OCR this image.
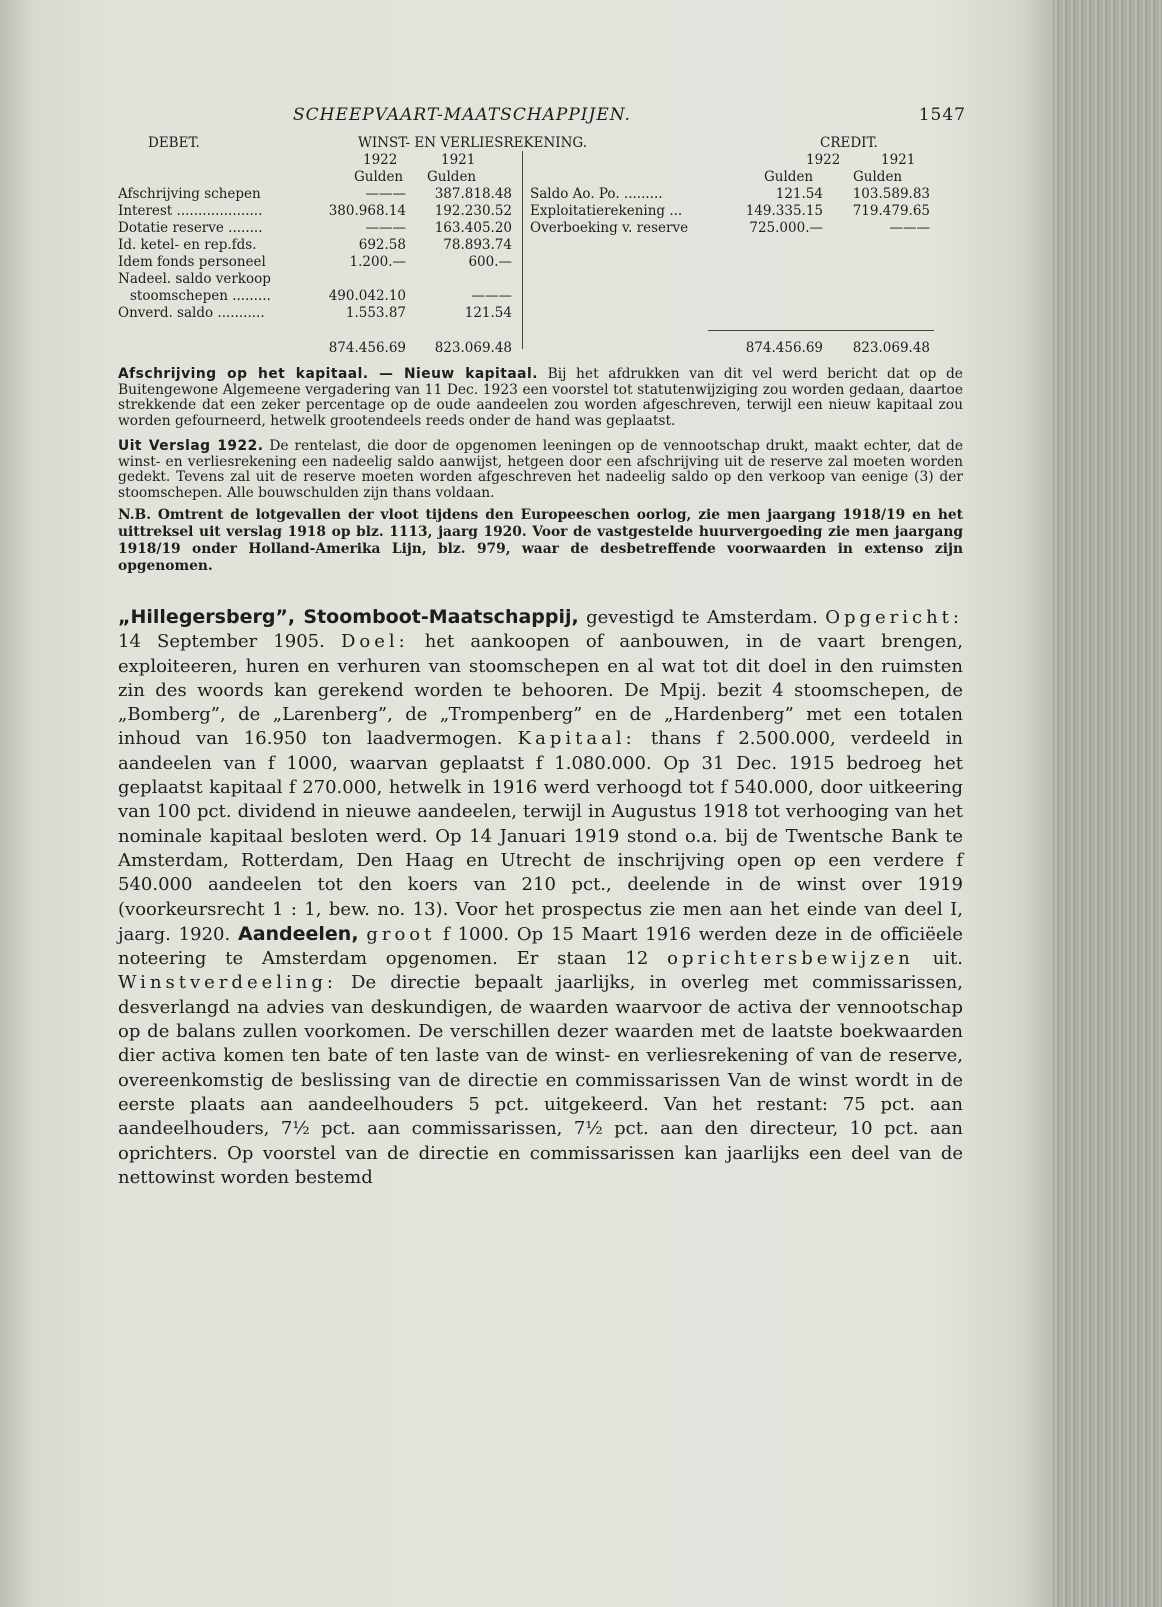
SCHEEPVAART-MAATSCHAPPIJEN.	1547
DEBET.	WINST- EN VERLIESREKENING.	CREDIT.
1922	1921	1922	1921
Gulden Gulden	Gulden	Gulden
Afschrijving schepen	———	387.818.48
Interest ....................	380.968.14	192.230.52
Dotatie reserve ........	———	163.405.20
Id. ketel- en rep.fds.	692.58	78.893.74
Idem fonds personeel	1.200.—	600.—
Nadeel. saldo verkoop
stoomschepen .........	490.042.10	———
Onverd. saldo ...........	1.553.87	121.54
Saldo Ao. Po. .........	121.54	103.589.83
Exploitatierekening ...	149.335.15	719.479.65
Overboeking v. reserve	725.000.—	———
874.456.69	823.069.48	874.456.69	823.069.48

Afschrijving op het kapitaal. — Nieuw kapitaal. Bij het afdrukken van dit vel werd bericht dat op de Buitengewone Algemeene vergadering van 11 Dec. 1923 een voorstel tot statutenwijziging zou worden gedaan, daartoe strekkende dat een zeker percentage op de oude aandeelen zou worden afgeschreven, terwijl een nieuw kapitaal zou worden gefourneerd, hetwelk grootendeels reeds onder de hand was geplaatst.

Uit Verslag 1922. De rentelast, die door de opgenomen leeningen op de vennootschap drukt, maakt echter, dat de winst- en verliesrekening een nadeelig saldo aanwijst, hetgeen door een afschrijving uit de reserve zal moeten worden gedekt. Tevens zal uit de reserve moeten worden afgeschreven het nadeelig saldo op den verkoop van eenige (3) der stoomschepen. Alle bouwschulden zijn thans voldaan.

N.B. Omtrent de lotgevallen der vloot tijdens den Europeeschen oorlog, zie men jaargang 1918/19 en het uittreksel uit verslag 1918 op blz. 1113, jaarg 1920. Voor de vastgestelde huurvergoeding zie men jaargang 1918/19 onder Holland-Amerika Lijn, blz. 979, waar de desbetreffende voorwaarden in extenso zijn opgenomen.

„Hillegersberg”, Stoomboot-Maatschappij, gevestigd te Amsterdam. Opgericht: 14 September 1905. Doel: het aankoopen of aanbouwen, in de vaart brengen, exploiteeren, huren en verhuren van stoomschepen en al wat tot dit doel in den ruimsten zin des woords kan gerekend worden te behooren. De Mpij. bezit 4 stoomschepen, de „Bomberg”, de „Larenberg”, de „Trompenberg” en de „Hardenberg” met een totalen inhoud van 16.950 ton laadvermogen. Kapitaal: thans f 2.500.000, verdeeld in aandeelen van f 1000, waarvan geplaatst f 1.080.000. Op 31 Dec. 1915 bedroeg het geplaatst kapitaal f 270.000, hetwelk in 1916 werd verhoogd tot f 540.000, door uitkeering van 100 pct. dividend in nieuwe aandeelen, terwijl in Augustus 1918 tot verhooging van het nominale kapitaal besloten werd. Op 14 Januari 1919 stond o.a. bij de Twentsche Bank te Amsterdam, Rotterdam, Den Haag en Utrecht de inschrijving open op een verdere f 540.000 aandeelen tot den koers van 210 pct., deelende in de winst over 1919 (voorkeursrecht 1 : 1, bew. no. 13). Voor het prospectus zie men aan het einde van deel I, jaarg. 1920. Aandeelen, groot f 1000. Op 15 Maart 1916 werden deze in de officiëele noteering te Amsterdam opgenomen. Er staan 12 oprichtersbewijzen uit. Winstverdeeling: De directie bepaalt jaarlijks, in overleg met commissarissen, desverlangd na advies van deskundigen, de waarden waarvoor de activa der vennootschap op de balans zullen voorkomen. De verschillen dezer waarden met de laatste boekwaarden dier activa komen ten bate of ten laste van de winst- en verliesrekening of van de reserve, overeenkomstig de beslissing van de directie en commissarissen Van de winst wordt in de eerste plaats aan aandeelhouders 5 pct. uitgekeerd. Van het restant: 75 pct. aan aandeelhouders, 7½ pct. aan commissarissen, 7½ pct. aan den directeur, 10 pct. aan oprichters. Op voorstel van de directie en commissarissen kan jaarlijks een deel van de nettowinst worden bestemd
